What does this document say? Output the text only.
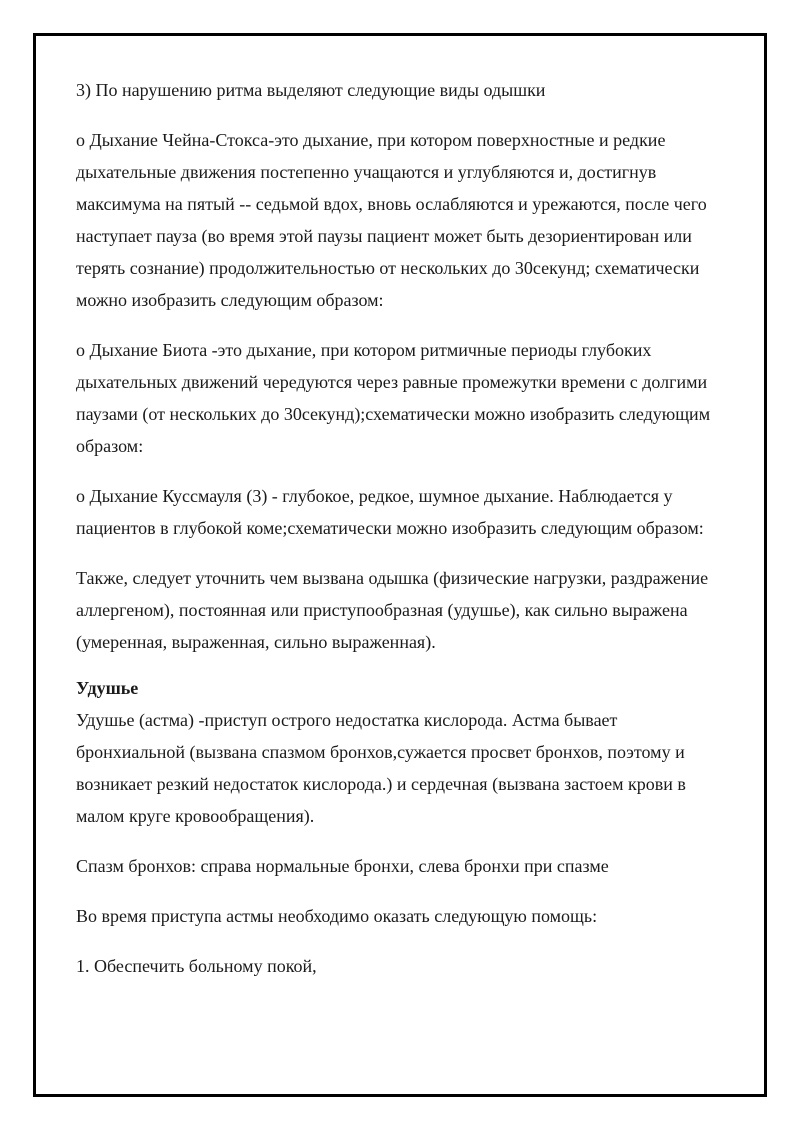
3) По нарушению ритма выделяют следующие виды одышки

o Дыхание Чейна-Стокса-это дыхание, при котором поверхностные и редкие дыхательные движения постепенно учащаются и углубляются и, достигнув максимума на пятый -- седьмой вдох, вновь ослабляются и урежаются, после чего наступает пауза (во время этой паузы пациент может быть дезориентирован или терять сознание) продолжительностью от нескольких до 30секунд; схематически можно изобразить следующим образом:

o Дыхание Биота -это дыхание, при котором ритмичные периоды глубоких дыхательных движений чередуются через равные промежутки времени с долгими паузами (от нескольких до 30секунд);схематически можно изобразить следующим образом:

o Дыхание Куссмауля (3) - глубокое, редкое, шумное дыхание. Наблюдается у пациентов в глубокой коме;схематически можно изобразить следующим образом:

Также, следует уточнить чем вызвана одышка (физические нагрузки, раздражение аллергеном), постоянная или приступообразная (удушье), как сильно выражена (умеренная, выраженная, сильно выраженная).

Удушье

Удушье (астма) -приступ острого недостатка кислорода. Астма бывает бронхиальной (вызвана спазмом бронхов,сужается просвет бронхов, поэтому и возникает резкий недостаток кислорода.) и сердечная (вызвана застоем крови в малом круге кровообращения).

Спазм бронхов: справа нормальные бронхи, слева бронхи при спазме

Во время приступа астмы необходимо оказать следующую помощь:

1. Обеспечить больному покой,
